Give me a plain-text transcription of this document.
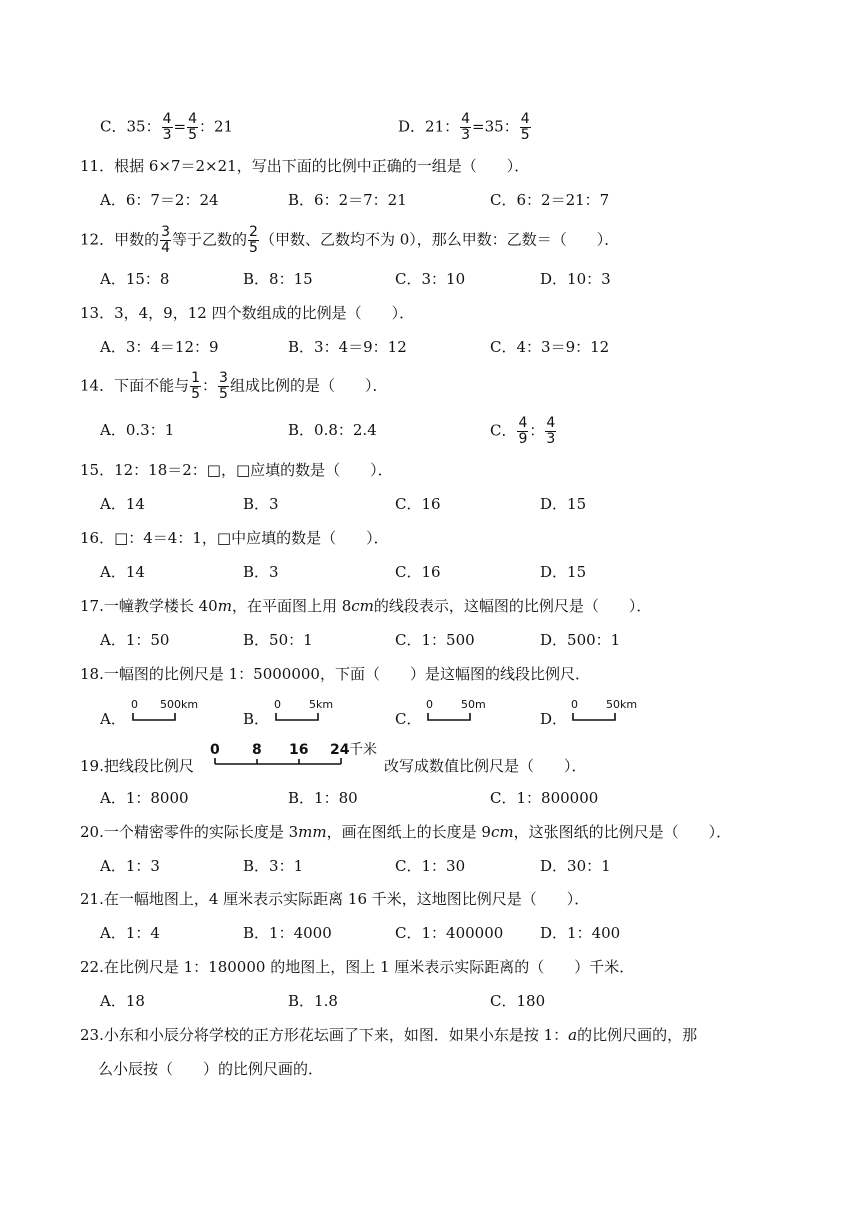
C．35： $\frac{4}{3} = \frac{4}{5}$ ：21	D．21： $\frac{4}{3} =35$： $\frac{4}{5}$
11．根据 6×7＝2×21，写出下面的比例中正确的一组是（　　）．
A．6：7＝2：24	B．6：2＝7：21	C．6：2＝21：7
12．甲数的 $\frac{3}{4}$ 等于乙数的 $\frac{2}{5}$ （甲数、乙数均不为 0），那么甲数：乙数＝（　　）．
A．15：8	B．8：15	C．3：10	D．10：3
13．3，4，9，12 四个数组成的比例是（　　）．
A．3：4＝12：9	B．3：4＝9：12	C．4：3＝9：12
14．下面不能与 $\frac{1}{5}$ ： $\frac{3}{5}$ 组成比例的是（　　）．
A．0.3：1	B．0.8：2.4	C． $\frac{4}{9}$ ： $\frac{4}{3}$
15．12：18＝2：□，□应填的数是（　　）．
A．14	B．3	C．16	D．15
16．□：4＝4：1，□中应填的数是（　　）．
A．14	B．3	C．16	D．15
17.一幢教学楼长 40m，在平面图上用 8cm的线段表示，这幅图的比例尺是（　　）．
A．1：50	B．50：1	C．1：500	D．500：1
18.一幅图的比例尺是 1：5000000，下面（　　）是这幅图的线段比例尺．
A．
0 500km
B．
0	5km
C．
0	50m
D．
0	50km
19.把线段比例尺
0 8 16 24 千米
改写成数值比例尺是（　　）．
A．1：8000	B．1：80	C．1：800000
20.一个精密零件的实际长度是 3mm，画在图纸上的长度是 9cm，这张图纸的比例尺是（　　）．
A．1：3	B．3：1	C．1：30	D．30：1
21.在一幅地图上，4 厘米表示实际距离 16 千米，这地图比例尺是（　　）．
A．1：4	B．1：4000	C．1：400000 D．1：400
22.在比例尺是 1：180000 的地图上，图上 1 厘米表示实际距离的（　　）千米．
A．18	B．1.8	C．180
23.小东和小辰分将学校的正方形花坛画了下来，如图．如果小东是按 1：a的比例尺画的，那
么小辰按（　　）的比例尺画的．
